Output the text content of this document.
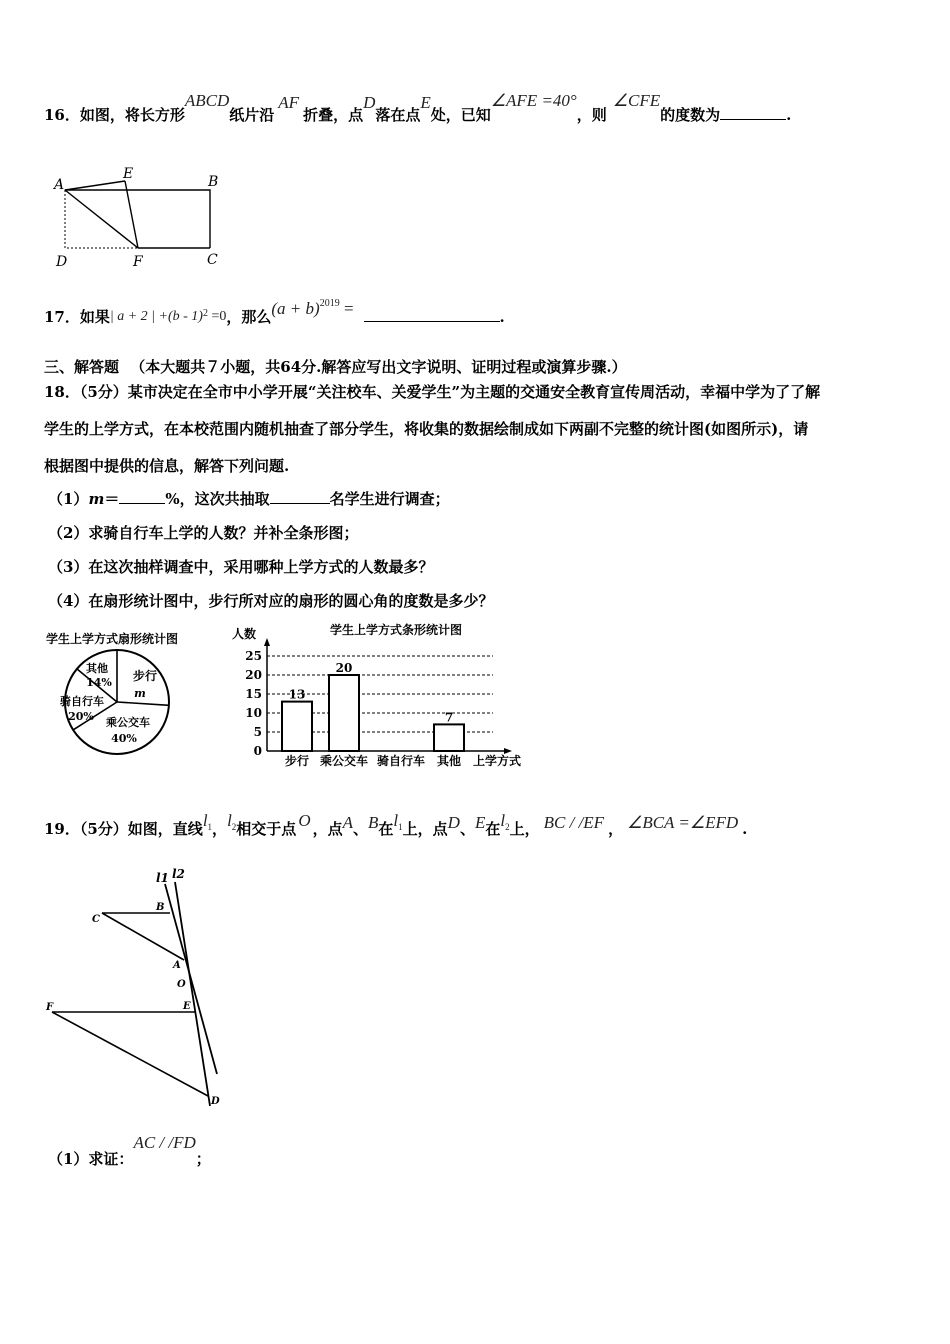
16．如图，将长方形ABCD纸片沿AF折叠，点D落在点E处，已知∠AFE =40°，则∠CFE的度数为	.
A
E	B
D	F	C
17．如果| a + 2 | +(b - 1)$^2$ =0，那么$(a + b)^{2019}$ =	.
三、解答题 （本大题共７小题，共64分.解答应写出文字说明、证明过程或演算步骤.）
18．（5分）某市决定在全市中小学开展“关注校车、关爱学生”为主题的交通安全教育宣传周活动，幸福中学为了了解
学生的上学方式，在本校范围内随机抽查了部分学生，将收集的数据绘制成如下两副不完整的统计图(如图所示)，请
根据图中提供的信息，解答下列问题.
（1）m＝	%，这次共抽取	名学生进行调查；
（2）求骑自行车上学的人数？并补全条形图；
（3）在这次抽样调查中，采用哪种上学方式的人数最多？
（4）在扇形统计图中，步行所对应的扇形的圆心角的度数是多少？
学生上学方式扇形统计图
步行
m
乘公交车
40%
骑自行车
20%
其他
14%
学生上学方式条形统计图
人数
0
5
10
15
20
25
13
20
7
步行 乘公交车 骑自行车 其他 上学方式
19．（5分）如图，直线$l^1$，$l^2$相交于点 O ，点A、B在$l^1$上，点D、E在$l^2$上， BC / /EF ， ∠BCA =∠EFD .
l1 l2
B
C
A
O
F	E
D
（1）求证：AC / /FD；
